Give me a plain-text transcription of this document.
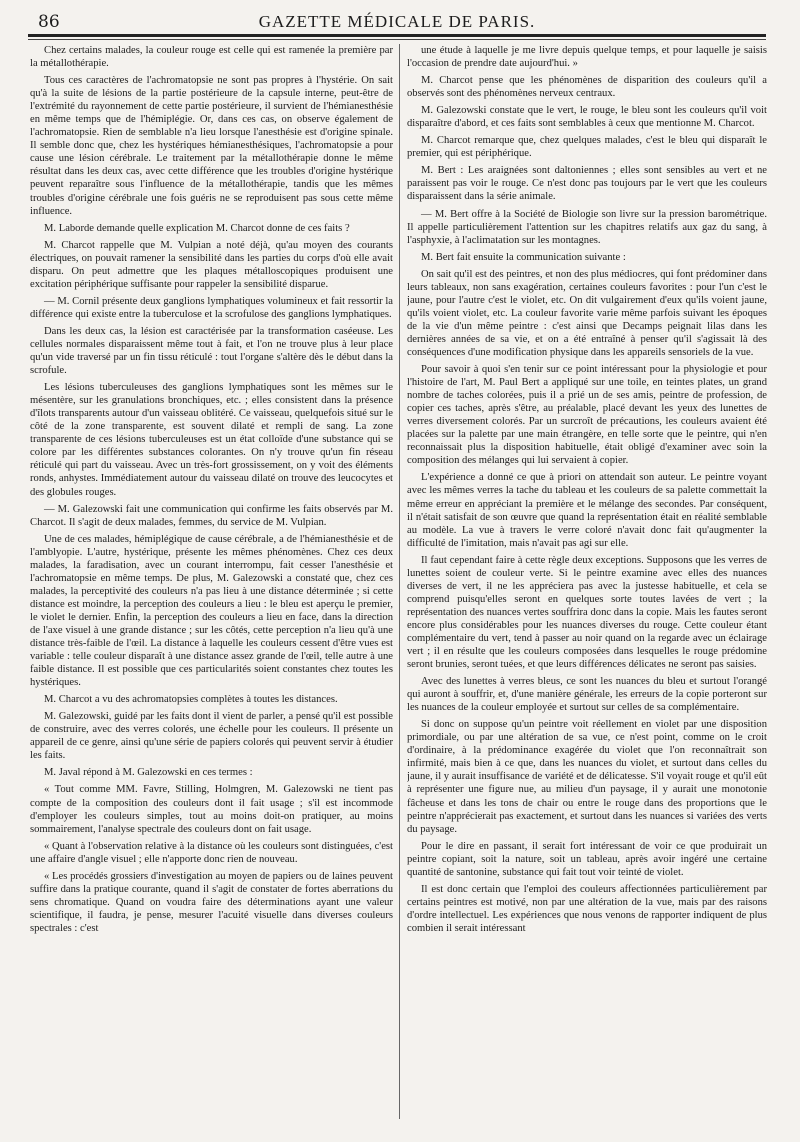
86	GAZETTE MÉDICALE DE PARIS.

Chez certains malades, la couleur rouge est celle qui est ramenée la première par la métallothérapie.

Tous ces caractères de l'achromatopsie ne sont pas propres à l'hystérie. On sait qu'à la suite de lésions de la partie postérieure de la capsule interne, peut-être de l'extrémité du rayonnement de cette partie postérieure, il survient de l'hémianesthésie en même temps que de l'hémiplégie. Or, dans ces cas, on observe également de l'achromatopsie. Rien de semblable n'a lieu lorsque l'anesthésie est d'origine spinale. Il semble donc que, chez les hystériques hémianesthésiques, l'achromatopsie a pour cause une lésion cérébrale. Le traitement par la métallothérapie donne le même résultat dans les deux cas, avec cette différence que les troubles d'origine hystérique peuvent reparaître sous l'influence de la métallothérapie, tandis que les mêmes troubles d'origine cérébrale une fois guéris ne se reproduisent pas sous cette même influence.

M. Laborde demande quelle explication M. Charcot donne de ces faits ?

M. Charcot rappelle que M. Vulpian a noté déjà, qu'au moyen des courants électriques, on pouvait ramener la sensibilité dans les parties du corps d'où elle avait disparu. On peut admettre que les plaques métalloscopiques produisent une excitation périphérique suffisante pour rappeler la sensibilité disparue.

— M. Cornil présente deux ganglions lymphatiques volumineux et fait ressortir la différence qui existe entre la tuberculose et la scrofulose des ganglions lymphatiques.

Dans les deux cas, la lésion est caractérisée par la transformation caséeuse. Les cellules normales disparaissent même tout à fait, et l'on ne trouve plus à leur place qu'un vide traversé par un fin tissu réticulé : tout l'organe s'altère dès le début dans la scrofule.

Les lésions tuberculeuses des ganglions lymphatiques sont les mêmes sur le mésentère, sur les granulations bronchiques, etc. ; elles consistent dans la présence d'îlots transparents autour d'un vaisseau oblitéré. Ce vaisseau, quelquefois situé sur le côté de la zone transparente, est souvent dilaté et rempli de sang. La zone transparente de ces lésions tuberculeuses est un état colloïde d'une substance qui se colore par les différentes substances colorantes. On n'y trouve qu'un fin réseau réticulé qui part du vaisseau. Avec un très-fort grossissement, on y voit des éléments ronds, anhystes. Immédiatement autour du vaisseau dilaté on trouve des leucocytes et des globules rouges.

— M. Galezowski fait une communication qui confirme les faits observés par M. Charcot. Il s'agit de deux malades, femmes, du service de M. Vulpian.

Une de ces malades, hémiplégique de cause cérébrale, a de l'hémianesthésie et de l'amblyopie. L'autre, hystérique, présente les mêmes phénomènes. Chez ces deux malades, la faradisation, avec un courant interrompu, fait cesser l'anesthésie et l'achromatopsie en même temps. De plus, M. Galezowski a constaté que, chez ces malades, la perceptivité des couleurs n'a pas lieu à une distance déterminée ; si cette distance est moindre, la perception des couleurs a lieu : le bleu est aperçu le premier, le violet le dernier. Enfin, la perception des couleurs a lieu en face, dans la direction de l'axe visuel à une grande distance ; sur les côtés, cette perception n'a lieu qu'à une distance très-faible de l'œil. La distance à laquelle les couleurs cessent d'être vues est variable : telle couleur disparaît à une distance assez grande de l'œil, telle autre à une faible distance. Il est possible que ces particularités soient constantes chez toutes les hystériques.

M. Charcot a vu des achromatopsies complètes à toutes les distances.

M. Galezowski, guidé par les faits dont il vient de parler, a pensé qu'il est possible de construire, avec des verres colorés, une échelle pour les couleurs. Il présente un appareil de ce genre, ainsi qu'une série de papiers colorés qui peuvent servir à étudier les faits.

M. Javal répond à M. Galezowski en ces termes :

« Tout comme MM. Favre, Stilling, Holmgren, M. Galezowski ne tient pas compte de la composition des couleurs dont il fait usage ; s'il est incommode d'employer les couleurs simples, tout au moins doit-on pratiquer, au moins sommairement, l'analyse spectrale des couleurs dont on fait usage.

« Quant à l'observation relative à la distance où les couleurs sont distinguées, c'est une affaire d'angle visuel ; elle n'apporte donc rien de nouveau.

« Les procédés grossiers d'investigation au moyen de papiers ou de laines peuvent suffire dans la pratique courante, quand il s'agit de constater de fortes aberrations du sens chromatique. Quand on voudra faire des déterminations ayant une valeur scientifique, il faudra, je pense, mesurer l'acuité visuelle dans diverses couleurs spectrales : c'est

une étude à laquelle je me livre depuis quelque temps, et pour laquelle je saisis l'occasion de prendre date aujourd'hui. »

M. Charcot pense que les phénomènes de disparition des couleurs qu'il a observés sont des phénomènes nerveux centraux.

M. Galezowski constate que le vert, le rouge, le bleu sont les couleurs qu'il voit disparaître d'abord, et ces faits sont semblables à ceux que mentionne M. Charcot.

M. Charcot remarque que, chez quelques malades, c'est le bleu qui disparaît le premier, qui est périphérique.

M. Bert : Les araignées sont daltoniennes ; elles sont sensibles au vert et ne paraissent pas voir le rouge. Ce n'est donc pas toujours par le vert que les couleurs disparaissent dans la série animale.

— M. Bert offre à la Société de Biologie son livre sur la pression barométrique. Il appelle particulièrement l'attention sur les chapitres relatifs aux gaz du sang, à l'asphyxie, à l'aclimatation sur les montagnes.

M. Bert fait ensuite la communication suivante :

On sait qu'il est des peintres, et non des plus médiocres, qui font prédominer dans leurs tableaux, non sans exagération, certaines couleurs favorites : pour l'un c'est le jaune, pour l'autre c'est le violet, etc. On dit vulgairement d'eux qu'ils voient jaune, qu'ils voient violet, etc. La couleur favorite varie même parfois suivant les époques de la vie d'un même peintre : c'est ainsi que Decamps peignait lilas dans les dernières années de sa vie, et on a été entraîné à penser qu'il s'agissait là des conséquences d'une modification physique dans les appareils sensoriels de la vue.

Pour savoir à quoi s'en tenir sur ce point intéressant pour la physiologie et pour l'histoire de l'art, M. Paul Bert a appliqué sur une toile, en teintes plates, un grand nombre de taches colorées, puis il a prié un de ses amis, peintre de profession, de copier ces taches, après s'être, au préalable, placé devant les yeux des lunettes de verres diversement colorés. Par un surcroît de précautions, les couleurs avaient été placées sur la palette par une main étrangère, en telle sorte que le peintre, qui n'en reconnaissait plus la disposition habituelle, était obligé d'examiner avec soin la composition des mélanges qui lui servaient à copier.

L'expérience a donné ce que à priori on attendait son auteur. Le peintre voyant avec les mêmes verres la tache du tableau et les couleurs de sa palette commettait la même erreur en appréciant la première et le mélange des secondes. Par conséquent, il n'était satisfait de son œuvre que quand la représentation était en réalité semblable au modèle. La vue à travers le verre coloré n'avait donc fait qu'augmenter la difficulté de l'imitation, mais n'avait pas agi sur elle.

Il faut cependant faire à cette règle deux exceptions. Supposons que les verres de lunettes soient de couleur verte. Si le peintre examine avec elles des nuances diverses de vert, il ne les appréciera pas avec la justesse habituelle, et cela se comprend puisqu'elles seront en quelques sorte toutes lavées de vert ; la représentation des nuances vertes souffrira donc dans la copie. Mais les fautes seront encore plus considérables pour les nuances diverses du rouge. Cette couleur étant complémentaire du vert, tend à passer au noir quand on la regarde avec un éclairage vert ; il en résulte que les couleurs composées dans lesquelles le rouge prédomine seront brunies, seront tuées, et que leurs différences délicates ne seront pas saisies.

Avec des lunettes à verres bleus, ce sont les nuances du bleu et surtout l'orangé qui auront à souffrir, et, d'une manière générale, les erreurs de la copie porteront sur les nuances de la couleur employée et surtout sur celles de sa complémentaire.

Si donc on suppose qu'un peintre voit réellement en violet par une disposition primordiale, ou par une altération de sa vue, ce n'est point, comme on le croit d'ordinaire, à la prédominance exagérée du violet que l'on reconnaîtrait son infirmité, mais bien à ce que, dans les nuances du violet, et surtout dans celles du jaune, il y aurait insuffisance de variété et de délicatesse. S'il voyait rouge et qu'il eût à représenter une figure nue, au milieu d'un paysage, il y aurait une monotonie fâcheuse et dans les tons de chair ou entre le rouge dans des proportions que le peintre n'apprécierait pas exactement, et surtout dans les nuances si variées des verts du paysage.

Pour le dire en passant, il serait fort intéressant de voir ce que produirait un peintre copiant, soit la nature, soit un tableau, après avoir ingéré une certaine quantité de santonine, substance qui fait tout voir teinté de violet.

Il est donc certain que l'emploi des couleurs affectionnées particulièrement par certains peintres est motivé, non par une altération de la vue, mais par des raisons d'ordre intellectuel. Les expériences que nous venons de rapporter indiquent de plus combien il serait intéressant
